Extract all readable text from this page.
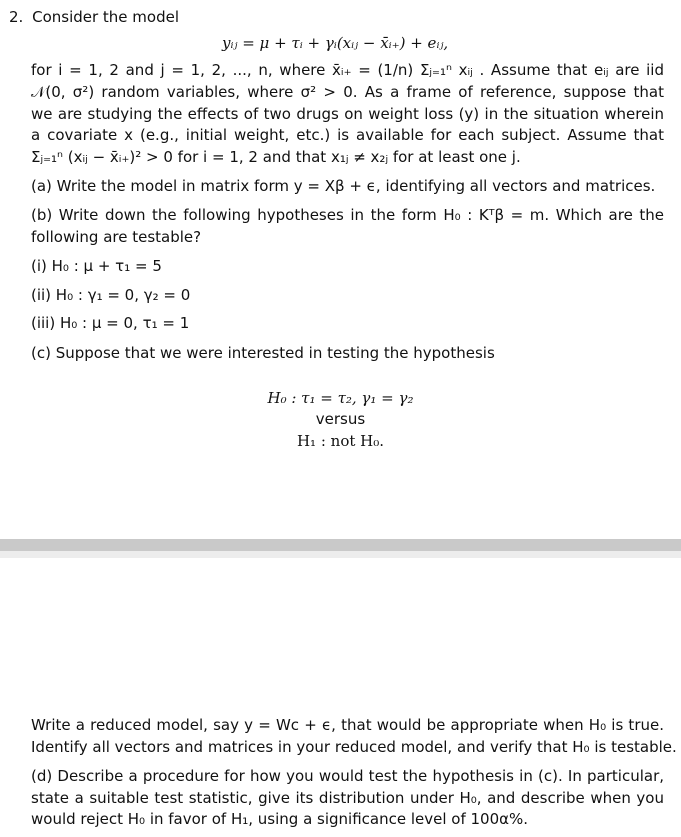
2. Consider the model
yᵢⱼ = μ + τᵢ + γᵢ(xᵢⱼ − x̄ᵢ₊) + eᵢⱼ,
for i = 1, 2 and j = 1, 2, ..., n, where x̄ᵢ₊ = (1/n) Σⱼ₌₁ⁿ xᵢⱼ . Assume that eᵢⱼ are iid
𝒩(0, σ²) random variables, where σ² > 0. As a frame of reference, suppose that
we are studying the effects of two drugs on weight loss (y) in the situation wherein
a covariate x (e.g., initial weight, etc.) is available for each subject. Assume that
Σⱼ₌₁ⁿ (xᵢⱼ − x̄ᵢ₊)² > 0 for i = 1, 2 and that x₁ⱼ ≠ x₂ⱼ for at least one j.
(a) Write the model in matrix form y = Xβ + ϵ, identifying all vectors and matrices.
(b) Write down the following hypotheses in the form H₀ : Kᵀβ = m. Which are the
following are testable?
(i) H₀ : μ + τ₁ = 5
(ii) H₀ : γ₁ = 0, γ₂ = 0
(iii) H₀ : μ = 0, τ₁ = 1
(c) Suppose that we were interested in testing the hypothesis
H₀ : τ₁ = τ₂, γ₁ = γ₂
versus
H₁ : not H₀.
Write a reduced model, say y = Wc + ϵ, that would be appropriate when H₀ is true.
Identify all vectors and matrices in your reduced model, and verify that H₀ is testable.
(d) Describe a procedure for how you would test the hypothesis in (c). In particular,
state a suitable test statistic, give its distribution under H₀, and describe when you
would reject H₀ in favor of H₁, using a significance level of 100α%.
